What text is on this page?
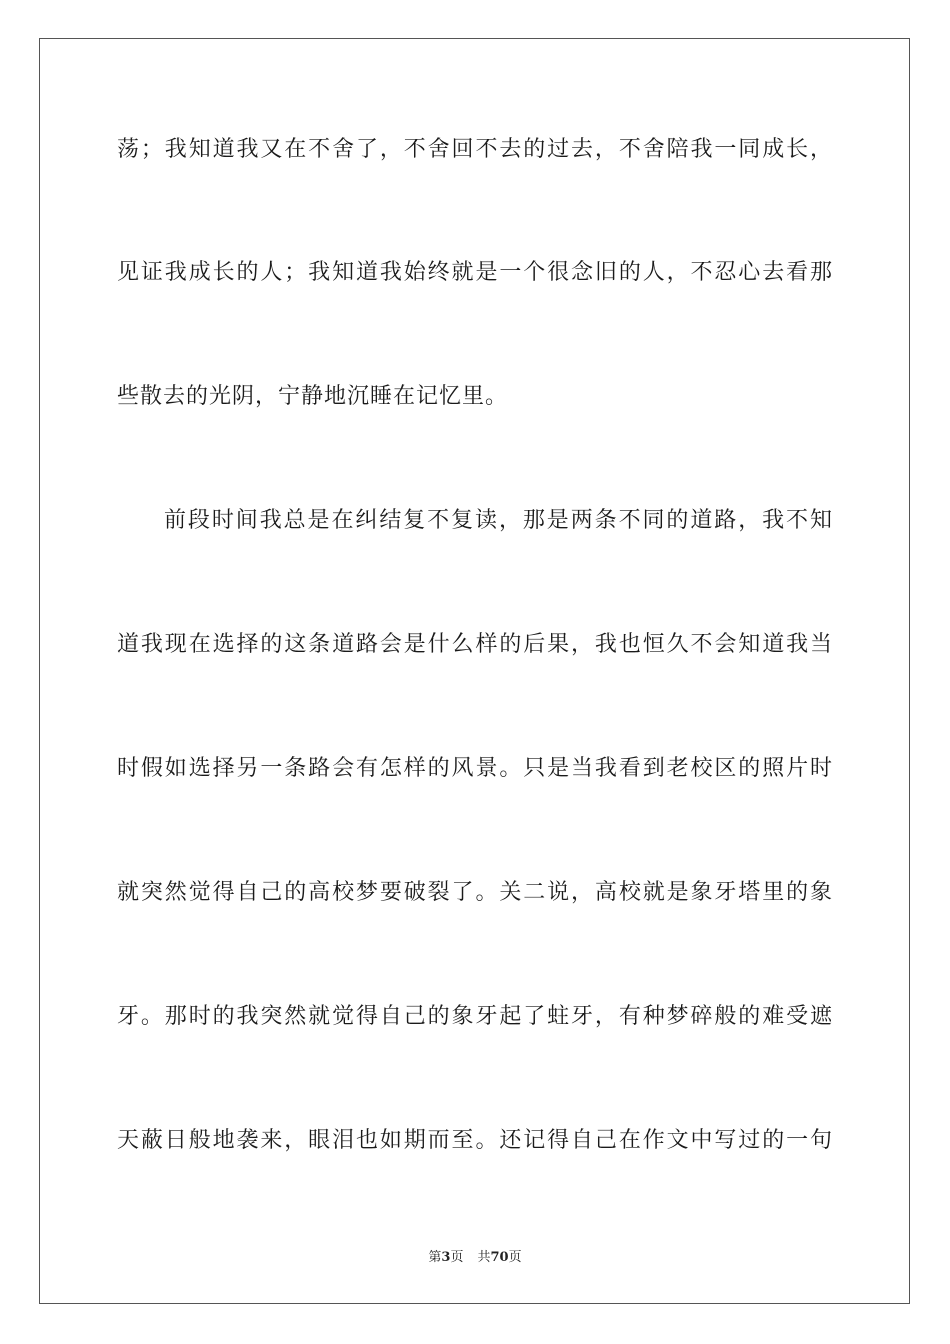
荡；我知道我又在不舍了，不舍回不去的过去，不舍陪我一同成长，
见证我成长的人；我知道我始终就是一个很念旧的人，不忍心去看那
些散去的光阴，宁静地沉睡在记忆里。
前段时间我总是在纠结复不复读，那是两条不同的道路，我不知
道我现在选择的这条道路会是什么样的后果，我也恒久不会知道我当
时假如选择另一条路会有怎样的风景。只是当我看到老校区的照片时
就突然觉得自己的高校梦要破裂了。关二说，高校就是象牙塔里的象
牙。那时的我突然就觉得自己的象牙起了蛀牙，有种梦碎般的难受遮
天蔽日般地袭来，眼泪也如期而至。还记得自己在作文中写过的一句
第3页 共70页
